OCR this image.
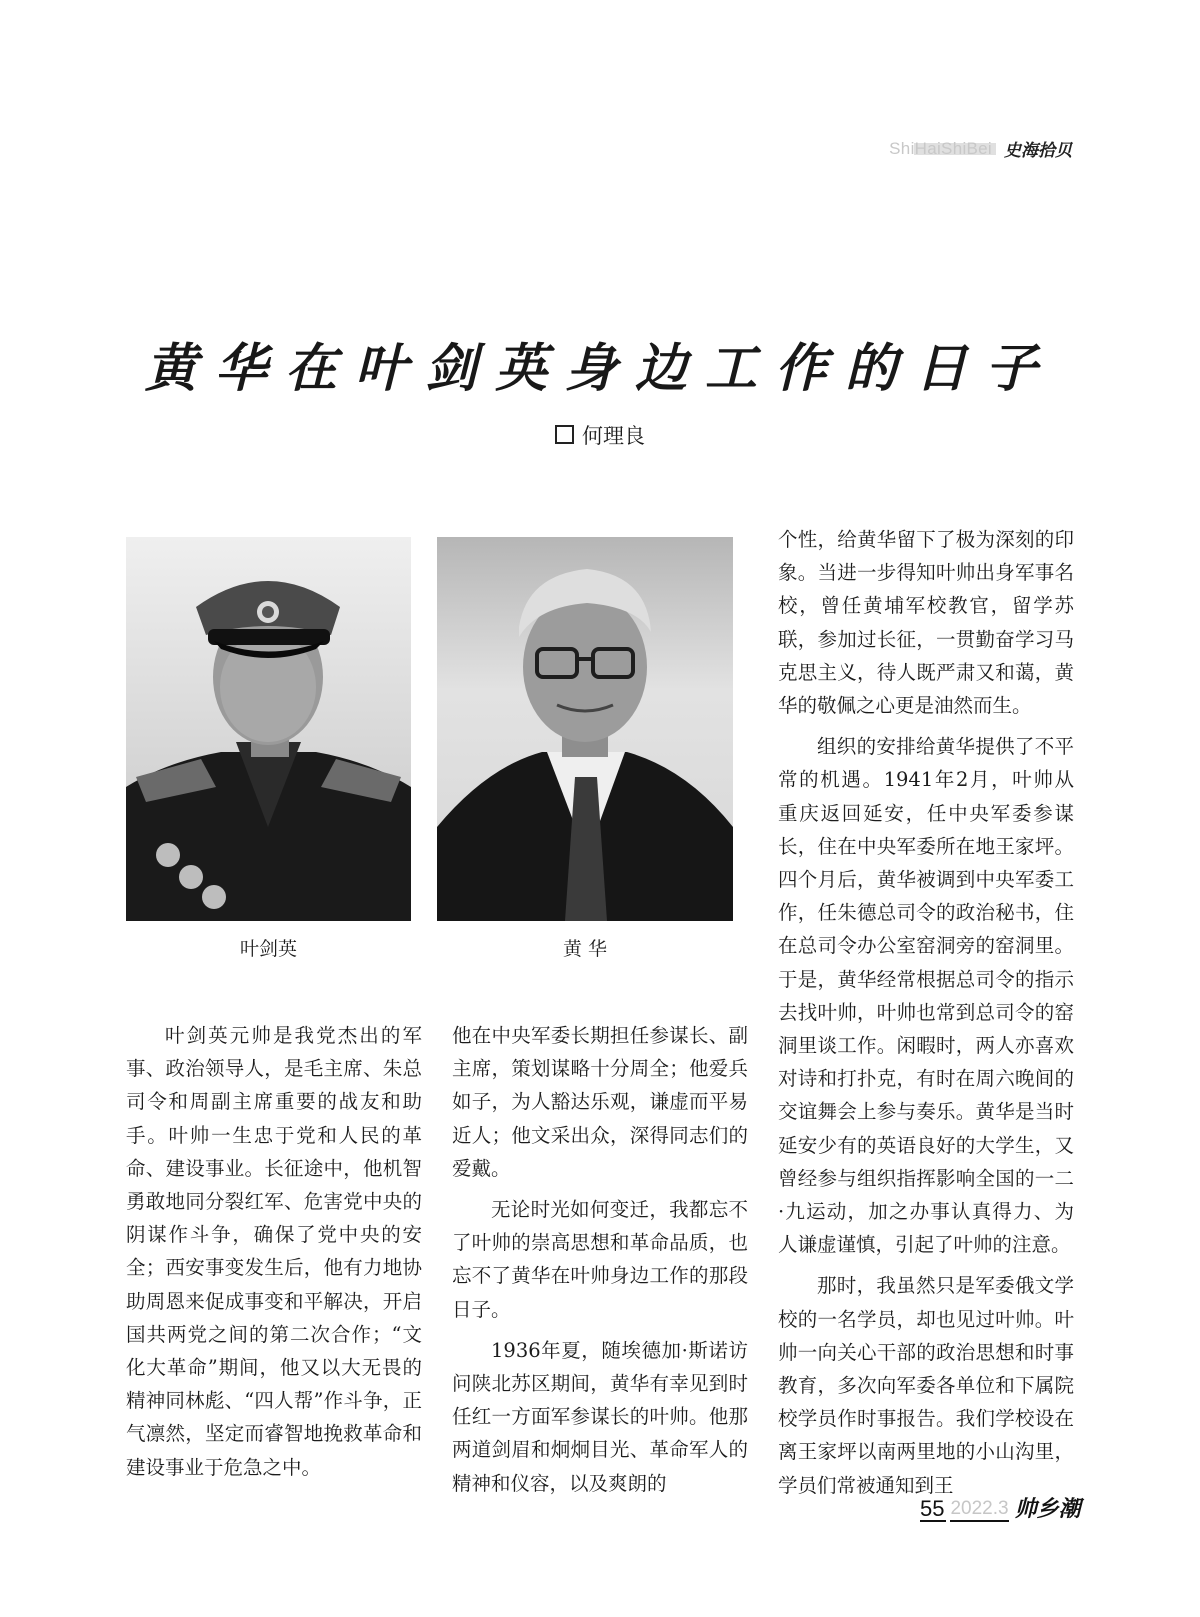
ShiHaiShiBei 史海拾贝
黄华在叶剑英身边工作的日子
何理良
叶剑英	黄 华

叶剑英元帅是我党杰出的军事、政治领导人，是毛主席、朱总司令和周副主席重要的战友和助手。叶帅一生忠于党和人民的革命、建设事业。长征途中，他机智勇敢地同分裂红军、危害党中央的阴谋作斗争，确保了党中央的安全；西安事变发生后，他有力地协助周恩来促成事变和平解决，开启国共两党之间的第二次合作；“文化大革命”期间，他又以大无畏的精神同林彪、“四人帮”作斗争，正气凛然，坚定而睿智地挽救革命和建设事业于危急之中。

他在中央军委长期担任参谋长、副主席，策划谋略十分周全；他爱兵如子，为人豁达乐观，谦虚而平易近人；他文采出众，深得同志们的爱戴。

无论时光如何变迁，我都忘不了叶帅的崇高思想和革命品质，也忘不了黄华在叶帅身边工作的那段日子。

1936年夏，随埃德加·斯诺访问陕北苏区期间，黄华有幸见到时任红一方面军参谋长的叶帅。他那两道剑眉和炯炯目光、革命军人的精神和仪容，以及爽朗的

个性，给黄华留下了极为深刻的印象。当进一步得知叶帅出身军事名校，曾任黄埔军校教官，留学苏联，参加过长征，一贯勤奋学习马克思主义，待人既严肃又和蔼，黄华的敬佩之心更是油然而生。

组织的安排给黄华提供了不平常的机遇。1941年2月，叶帅从重庆返回延安，任中央军委参谋长，住在中央军委所在地王家坪。四个月后，黄华被调到中央军委工作，任朱德总司令的政治秘书，住在总司令办公室窑洞旁的窑洞里。于是，黄华经常根据总司令的指示去找叶帅，叶帅也常到总司令的窑洞里谈工作。闲暇时，两人亦喜欢对诗和打扑克，有时在周六晚间的交谊舞会上参与奏乐。黄华是当时延安少有的英语良好的大学生，又曾经参与组织指挥影响全国的一二·九运动，加之办事认真得力、为人谦虚谨慎，引起了叶帅的注意。

那时，我虽然只是军委俄文学校的一名学员，却也见过叶帅。叶帅一向关心干部的政治思想和时事教育，多次向军委各单位和下属院校学员作时事报告。我们学校设在离王家坪以南两里地的小山沟里，学员们常被通知到王

55 2022.3 帅乡潮
